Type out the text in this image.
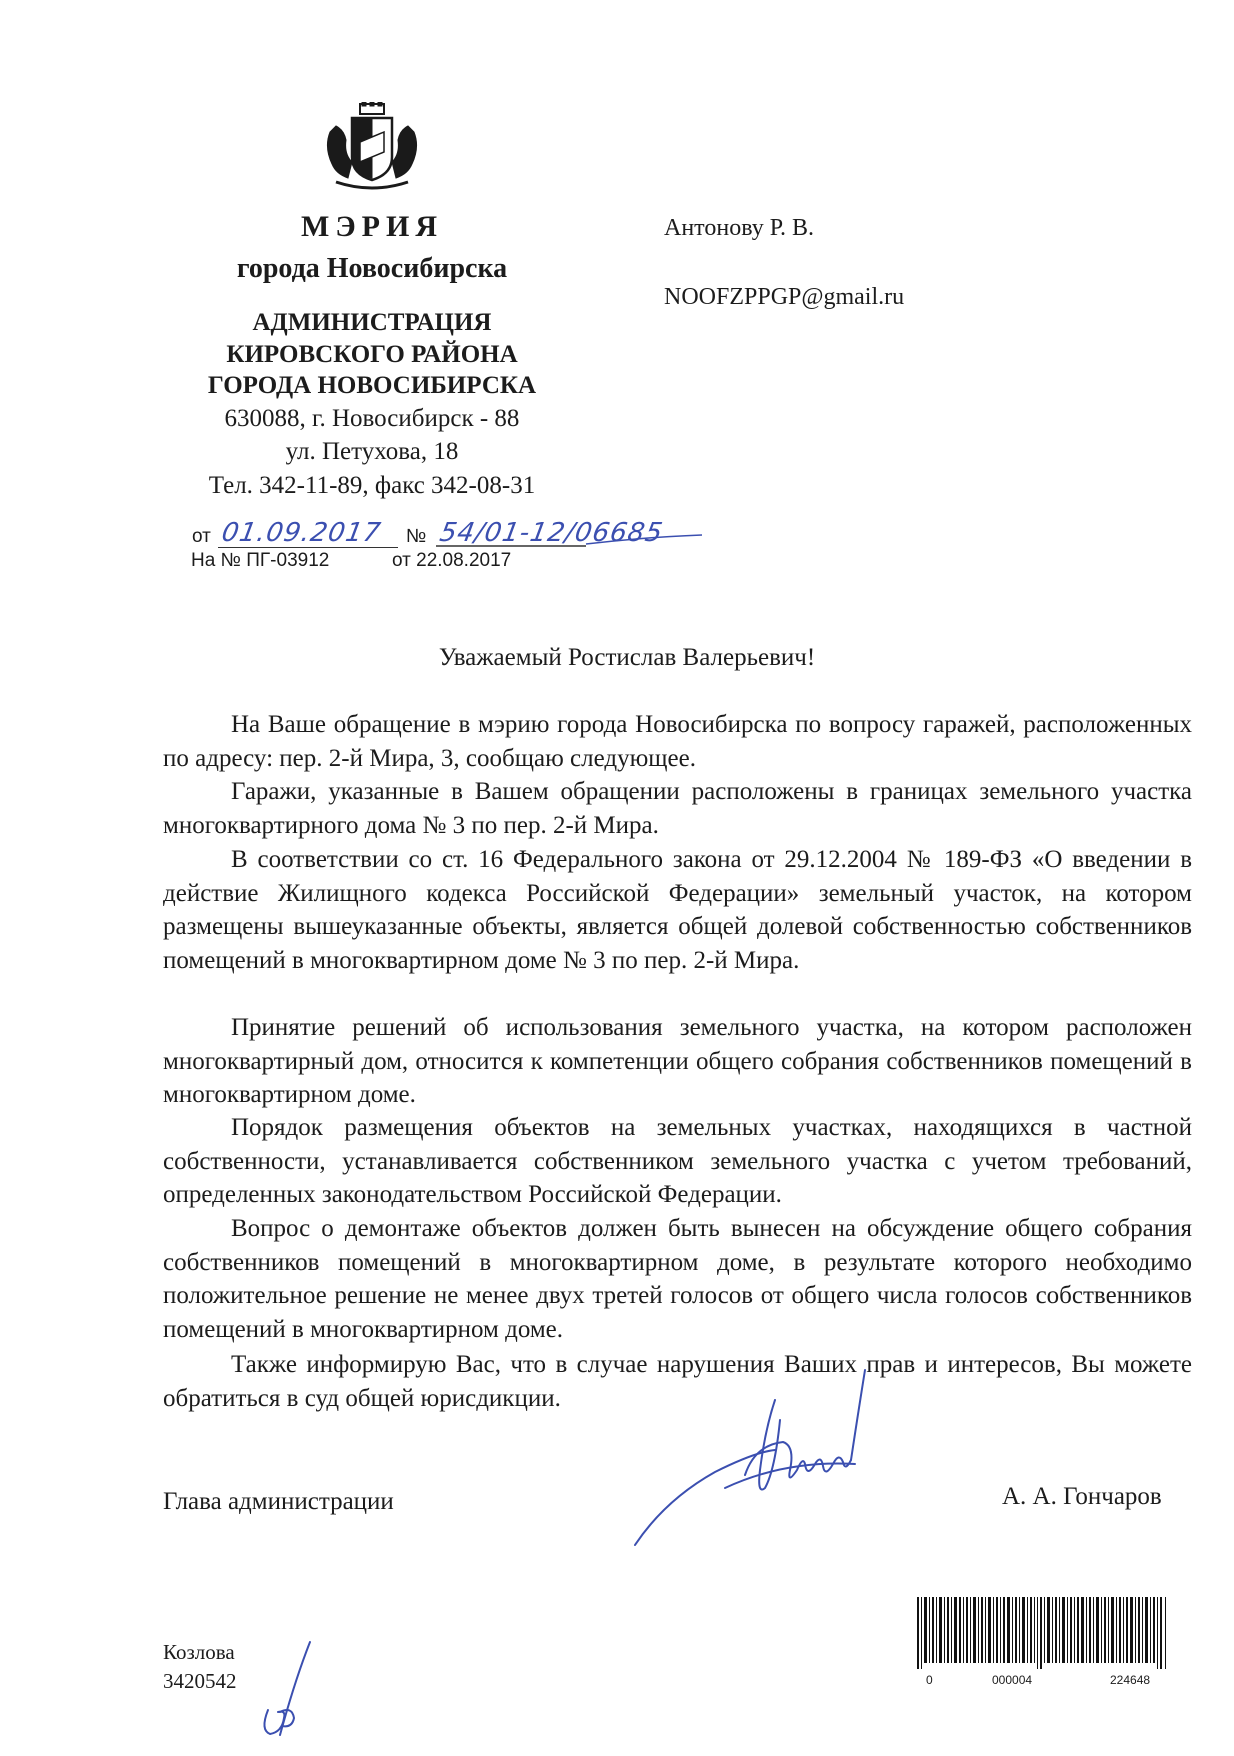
МЭРИЯ
города Новосибирска
АДМИНИСТРАЦИЯ
КИРОВСКОГО РАЙОНА
ГОРОДА НОВОСИБИРСКА
630088, г. Новосибирск - 88
ул. Петухова, 18
Тел. 342-11-89, факс 342-08-31
от 01.09.2017 № 54/01-12/06685
На № ПГ-03912	от 22.08.2017
Антонову Р. В.
NOOFZPPGP@gmail.ru
Уважаемый Ростислав Валерьевич!

На Ваше обращение в мэрию города Новосибирска по вопросу гаражей, расположенных по адресу: пер. 2-й Мира, 3, сообщаю следующее.

Гаражи, указанные в Вашем обращении расположены в границах земельного участка многоквартирного дома № 3 по пер. 2-й Мира.

В соответствии со ст. 16 Федерального закона от 29.12.2004 № 189-ФЗ «О введении в действие Жилищного кодекса Российской Федерации» земельный участок, на котором размещены вышеуказанные объекты, является общей долевой собственностью собственников помещений в многоквартирном доме № 3 по пер. 2-й Мира.

Принятие решений об использования земельного участка, на котором расположен многоквартирный дом, относится к компетенции общего собрания собственников помещений в многоквартирном доме.

Порядок размещения объектов на земельных участках, находящихся в частной собственности, устанавливается собственником земельного участка с учетом требований, определенных законодательством Российской Федерации.

Вопрос о демонтаже объектов должен быть вынесен на обсуждение общего собрания собственников помещений в многоквартирном доме, в результате которого необходимо положительное решение не менее двух третей голосов от общего числа голосов собственников помещений в многоквартирном доме.

Также информирую Вас, что в случае нарушения Ваших прав и интересов, Вы можете обратиться в суд общей юрисдикции.

Глава администрации	А. А. Гончаров
0	000004	224648
Козлова
3420542
